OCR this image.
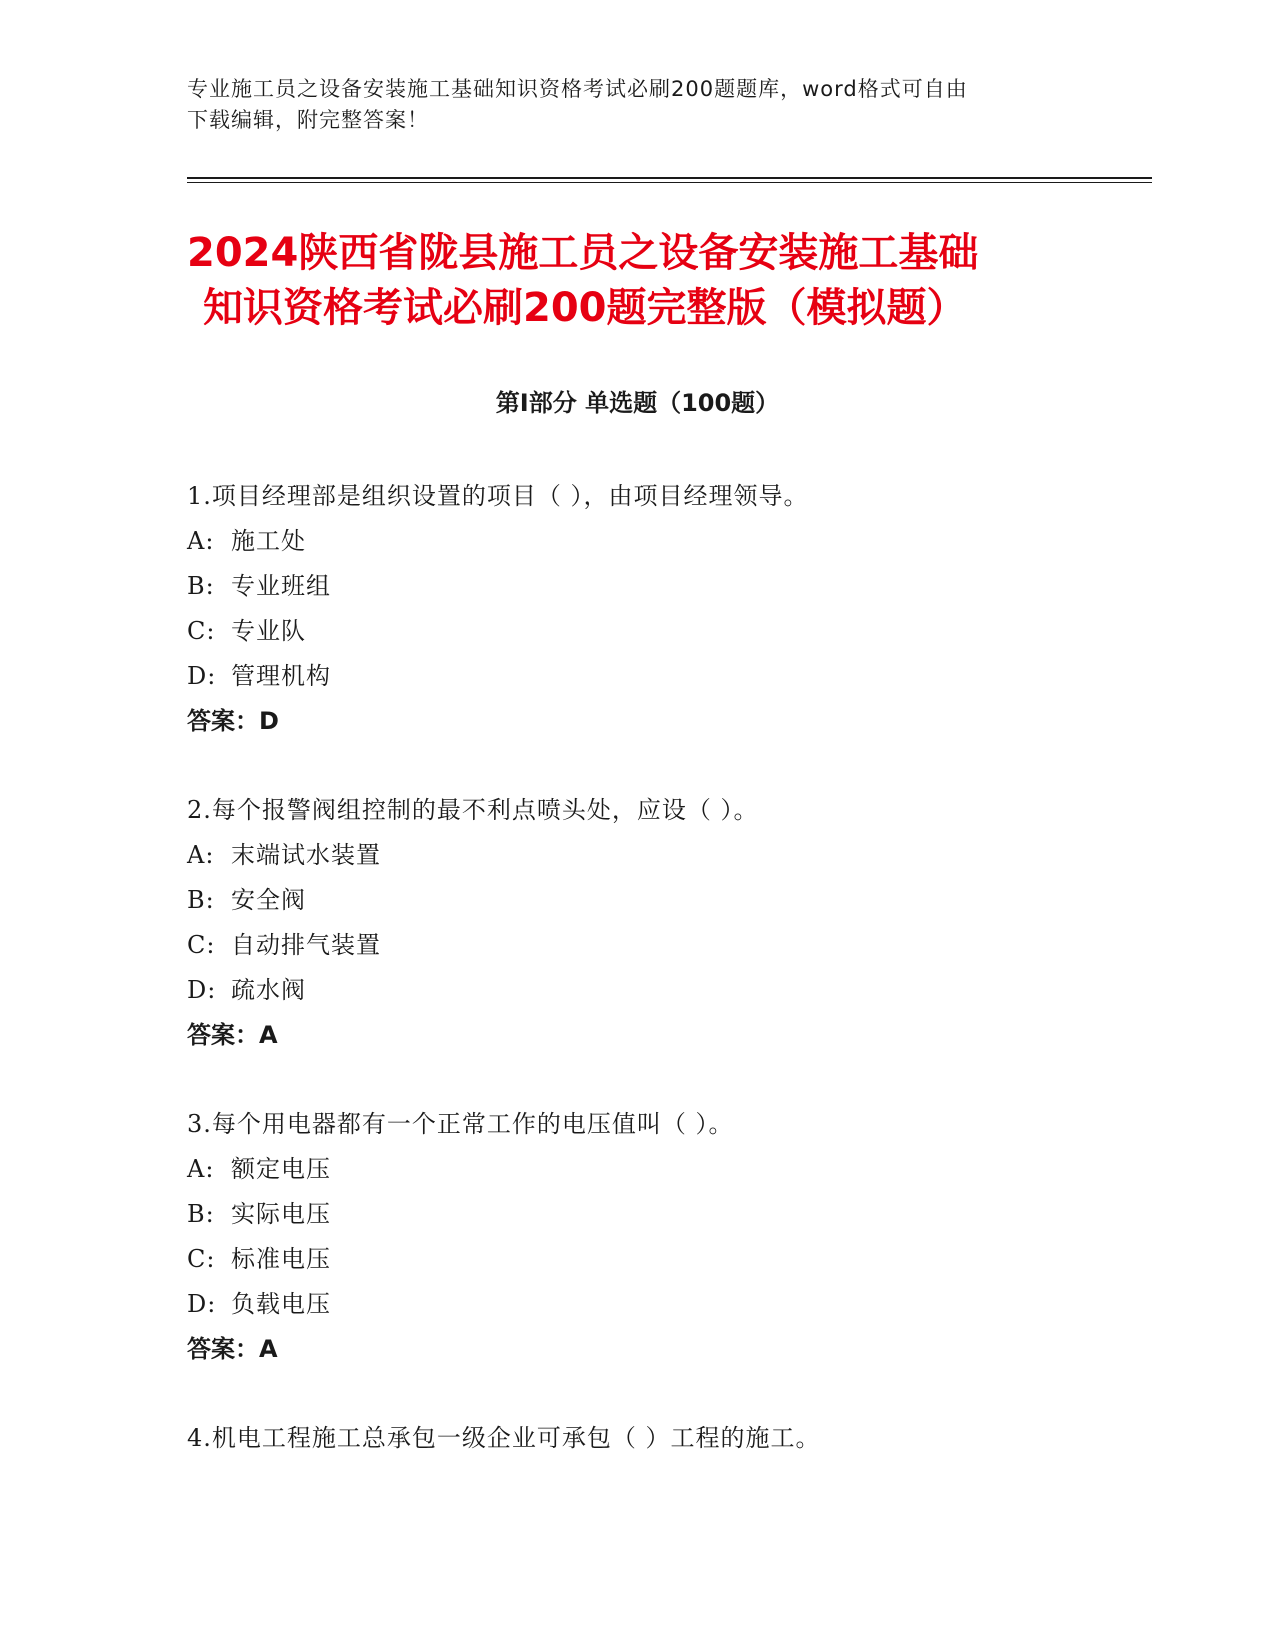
专业施工员之设备安装施工基础知识资格考试必刷200题题库，word格式可自由
下载编辑，附完整答案！
2024陕西省陇县施工员之设备安装施工基础
知识资格考试必刷200题完整版（模拟题）
第I部分 单选题（100题）
1.项目经理部是组织设置的项目（ ），由项目经理领导。
A: 施工处
B: 专业班组
C: 专业队
D: 管理机构
答案：D
2.每个报警阀组控制的最不利点喷头处，应设（ ）。
A: 末端试水装置
B: 安全阀
C: 自动排气装置
D: 疏水阀
答案：A
3.每个用电器都有一个正常工作的电压值叫（ ）。
A: 额定电压
B: 实际电压
C: 标准电压
D: 负载电压
答案：A
4.机电工程施工总承包一级企业可承包（ ）工程的施工。
